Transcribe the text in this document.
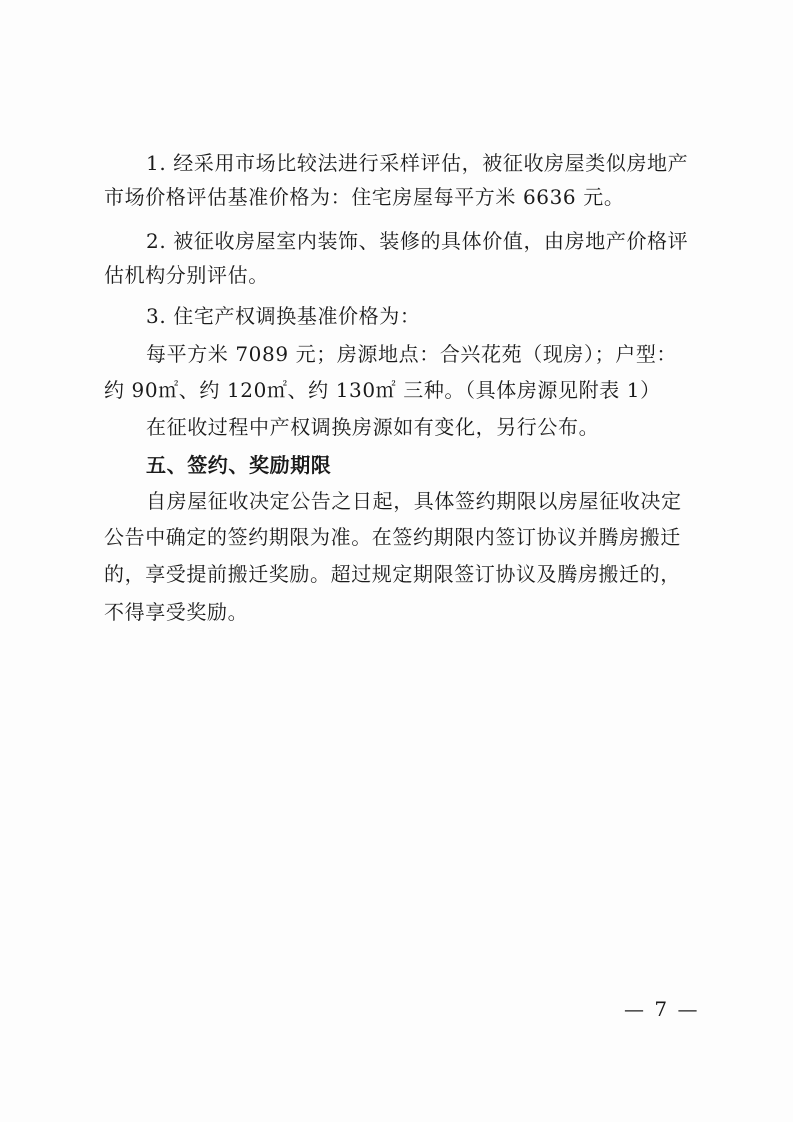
1. 经采用市场比较法进行采样评估，被征收房屋类似房地产
市场价格评估基准价格为：住宅房屋每平方米 6636 元。
2. 被征收房屋室内装饰、装修的具体价值，由房地产价格评
估机构分别评估。
3. 住宅产权调换基准价格为：
每平方米 7089 元；房源地点：合兴花苑（现房）；户型：
约 90㎡、约 120㎡、约 130㎡ 三种。（具体房源见附表 1）
在征收过程中产权调换房源如有变化，另行公布。
五、签约、奖励期限
自房屋征收决定公告之日起，具体签约期限以房屋征收决定
公告中确定的签约期限为准。在签约期限内签订协议并腾房搬迁
的，享受提前搬迁奖励。超过规定期限签订协议及腾房搬迁的，
不得享受奖励。
— 7 —
